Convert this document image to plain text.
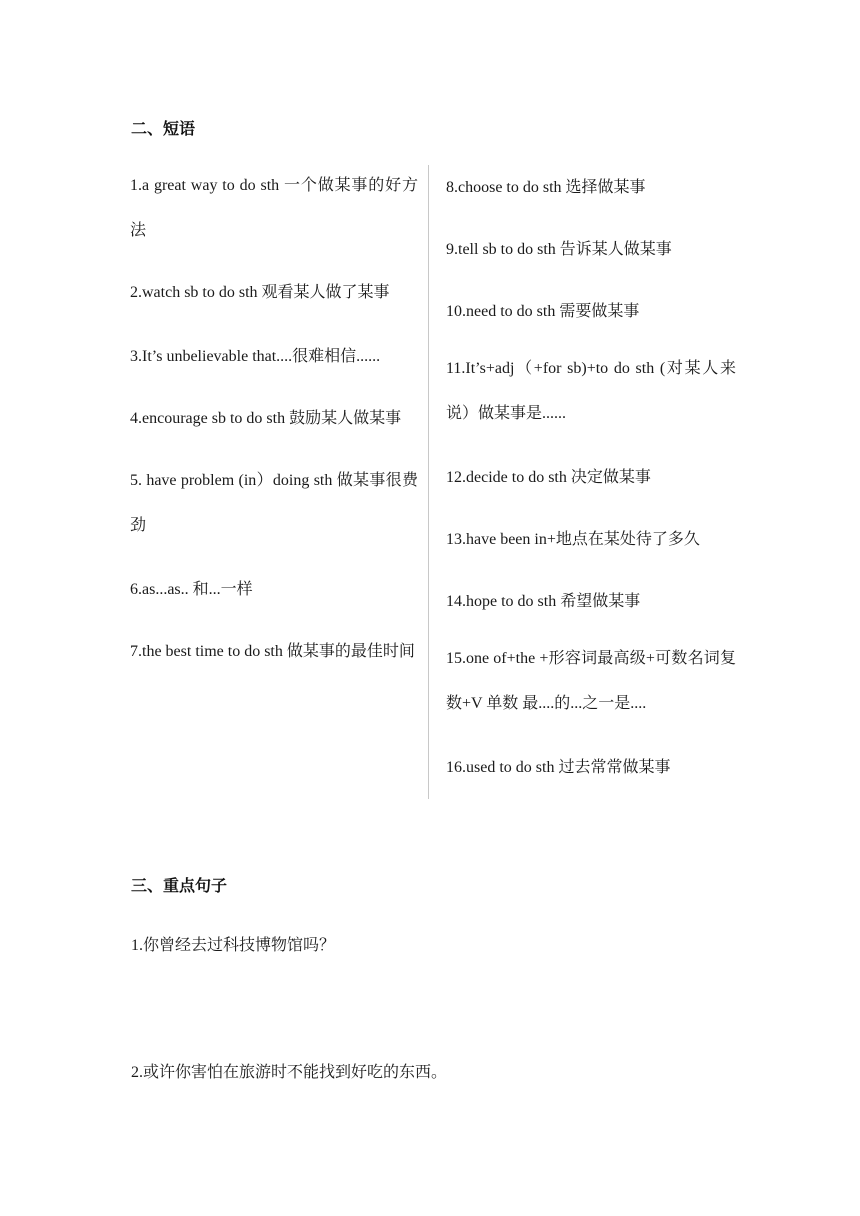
二、短语
1.a great way to do sth 一个做某事的好方法
2.watch sb to do sth 观看某人做了某事
3.It’s unbelievable that....很难相信......
4.encourage sb to do sth 鼓励某人做某事
5. have problem (in）doing sth 做某事很费劲
6.as...as.. 和...一样
7.the best time to do sth 做某事的最佳时间
8.choose to do sth 选择做某事
9.tell sb to do sth 告诉某人做某事
10.need to do sth 需要做某事
11.It’s+adj（+for sb)+to do sth (对某人来说）做某事是......
12.decide to do sth 决定做某事
13.have been in+地点在某处待了多久
14.hope to do sth 希望做某事
15.one of+the +形容词最高级+可数名词复数+V 单数 最....的...之一是....
16.used to do sth 过去常常做某事
三、重点句子
1.你曾经去过科技博物馆吗？
2.或许你害怕在旅游时不能找到好吃的东西。
